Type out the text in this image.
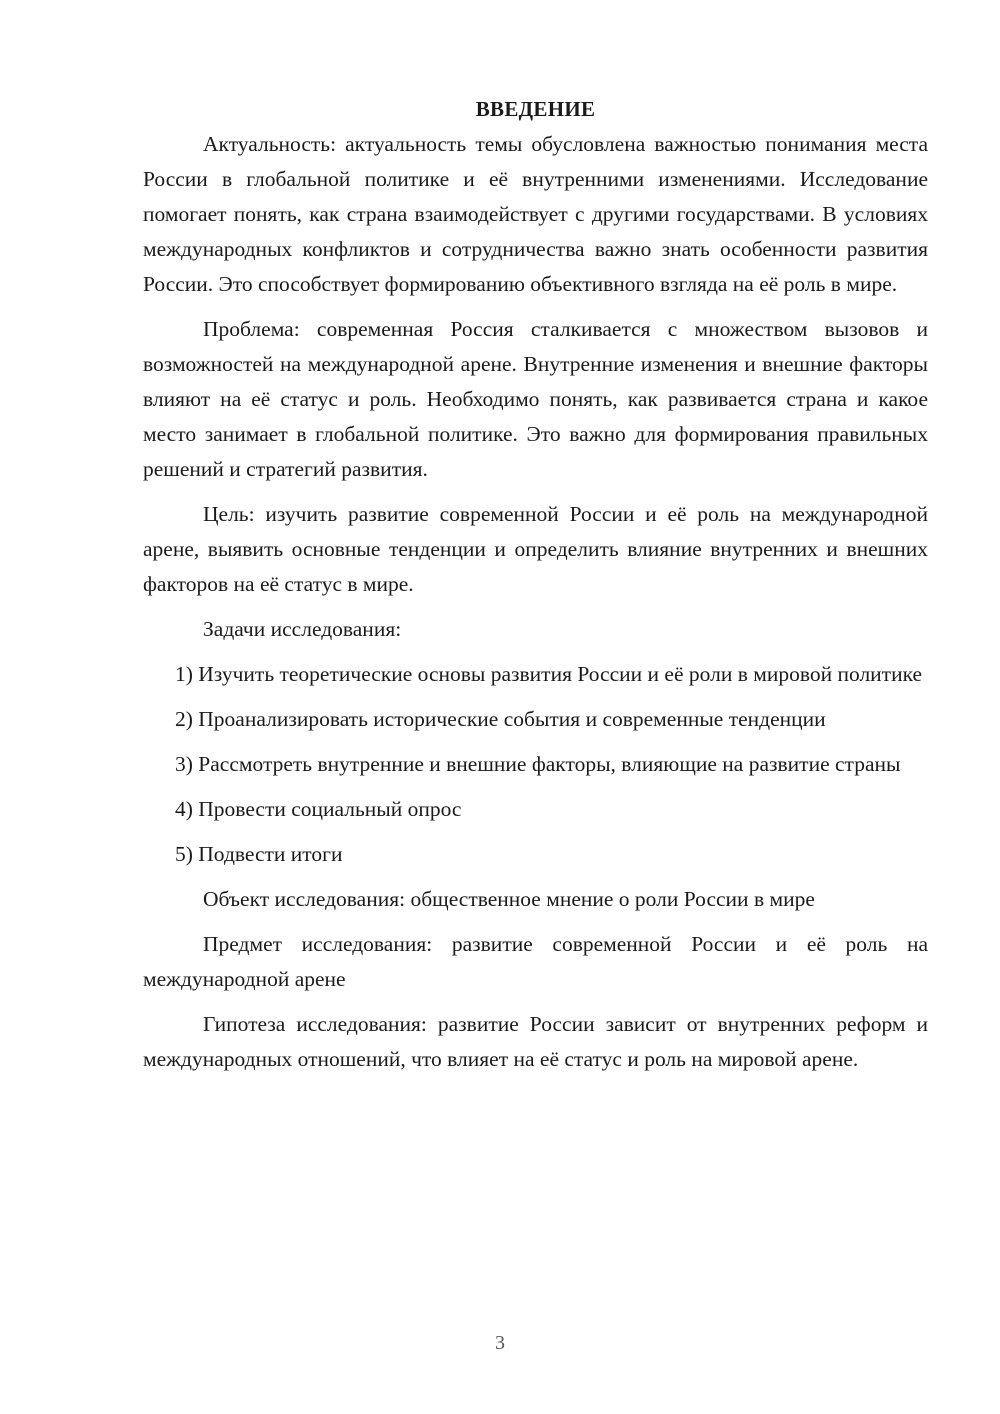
ВВЕДЕНИЕ

Актуальность: актуальность темы обусловлена важностью понимания места России в глобальной политике и её внутренними изменениями. Исследование помогает понять, как страна взаимодействует с другими государствами. В условиях международных конфликтов и сотрудничества важно знать особенности развития России. Это способствует формированию объективного взгляда на её роль в мире.

Проблема: современная Россия сталкивается с множеством вызовов и возможностей на международной арене. Внутренние изменения и внешние факторы влияют на её статус и роль. Необходимо понять, как развивается страна и какое место занимает в глобальной политике. Это важно для формирования правильных решений и стратегий развития.

Цель: изучить развитие современной России и её роль на международной арене, выявить основные тенденции и определить влияние внутренних и внешних факторов на её статус в мире.

Задачи исследования:

1) Изучить теоретические основы развития России и её роли в мировой политике

2) Проанализировать исторические события и современные тенденции

3) Рассмотреть внутренние и внешние факторы, влияющие на развитие страны

4) Провести социальный опрос

5) Подвести итоги

Объект исследования: общественное мнение о роли России в мире

Предмет исследования: развитие современной России и её роль на международной арене

Гипотеза исследования: развитие России зависит от внутренних реформ и международных отношений, что влияет на её статус и роль на мировой арене.

3
